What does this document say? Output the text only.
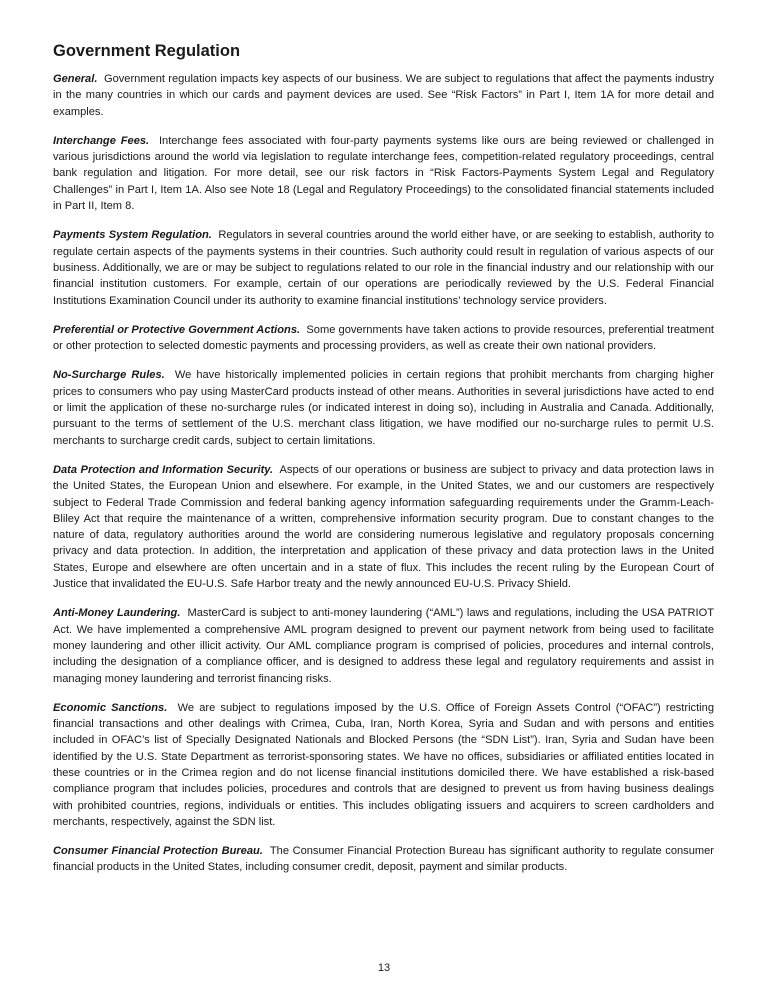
Government Regulation

General. Government regulation impacts key aspects of our business. We are subject to regulations that affect the payments industry in the many countries in which our cards and payment devices are used. See “Risk Factors” in Part I, Item 1A for more detail and examples.

Interchange Fees. Interchange fees associated with four-party payments systems like ours are being reviewed or challenged in various jurisdictions around the world via legislation to regulate interchange fees, competition-related regulatory proceedings, central bank regulation and litigation. For more detail, see our risk factors in “Risk Factors-Payments System Legal and Regulatory Challenges” in Part I, Item 1A. Also see Note 18 (Legal and Regulatory Proceedings) to the consolidated financial statements included in Part II, Item 8.

Payments System Regulation. Regulators in several countries around the world either have, or are seeking to establish, authority to regulate certain aspects of the payments systems in their countries. Such authority could result in regulation of various aspects of our business. Additionally, we are or may be subject to regulations related to our role in the financial industry and our relationship with our financial institution customers. For example, certain of our operations are periodically reviewed by the U.S. Federal Financial Institutions Examination Council under its authority to examine financial institutions’ technology service providers.

Preferential or Protective Government Actions. Some governments have taken actions to provide resources, preferential treatment or other protection to selected domestic payments and processing providers, as well as create their own national providers.

No-Surcharge Rules. We have historically implemented policies in certain regions that prohibit merchants from charging higher prices to consumers who pay using MasterCard products instead of other means. Authorities in several jurisdictions have acted to end or limit the application of these no-surcharge rules (or indicated interest in doing so), including in Australia and Canada. Additionally, pursuant to the terms of settlement of the U.S. merchant class litigation, we have modified our no-surcharge rules to permit U.S. merchants to surcharge credit cards, subject to certain limitations.

Data Protection and Information Security. Aspects of our operations or business are subject to privacy and data protection laws in the United States, the European Union and elsewhere. For example, in the United States, we and our customers are respectively subject to Federal Trade Commission and federal banking agency information safeguarding requirements under the Gramm-Leach-Bliley Act that require the maintenance of a written, comprehensive information security program. Due to constant changes to the nature of data, regulatory authorities around the world are considering numerous legislative and regulatory proposals concerning privacy and data protection. In addition, the interpretation and application of these privacy and data protection laws in the United States, Europe and elsewhere are often uncertain and in a state of flux. This includes the recent ruling by the European Court of Justice that invalidated the EU-U.S. Safe Harbor treaty and the newly announced EU-U.S. Privacy Shield.

Anti-Money Laundering. MasterCard is subject to anti-money laundering (“AML”) laws and regulations, including the USA PATRIOT Act. We have implemented a comprehensive AML program designed to prevent our payment network from being used to facilitate money laundering and other illicit activity. Our AML compliance program is comprised of policies, procedures and internal controls, including the designation of a compliance officer, and is designed to address these legal and regulatory requirements and assist in managing money laundering and terrorist financing risks.

Economic Sanctions. We are subject to regulations imposed by the U.S. Office of Foreign Assets Control (“OFAC”) restricting financial transactions and other dealings with Crimea, Cuba, Iran, North Korea, Syria and Sudan and with persons and entities included in OFAC’s list of Specially Designated Nationals and Blocked Persons (the “SDN List”). Iran, Syria and Sudan have been identified by the U.S. State Department as terrorist-sponsoring states. We have no offices, subsidiaries or affiliated entities located in these countries or in the Crimea region and do not license financial institutions domiciled there. We have established a risk-based compliance program that includes policies, procedures and controls that are designed to prevent us from having business dealings with prohibited countries, regions, individuals or entities. This includes obligating issuers and acquirers to screen cardholders and merchants, respectively, against the SDN list.

Consumer Financial Protection Bureau. The Consumer Financial Protection Bureau has significant authority to regulate consumer financial products in the United States, including consumer credit, deposit, payment and similar products.

13
